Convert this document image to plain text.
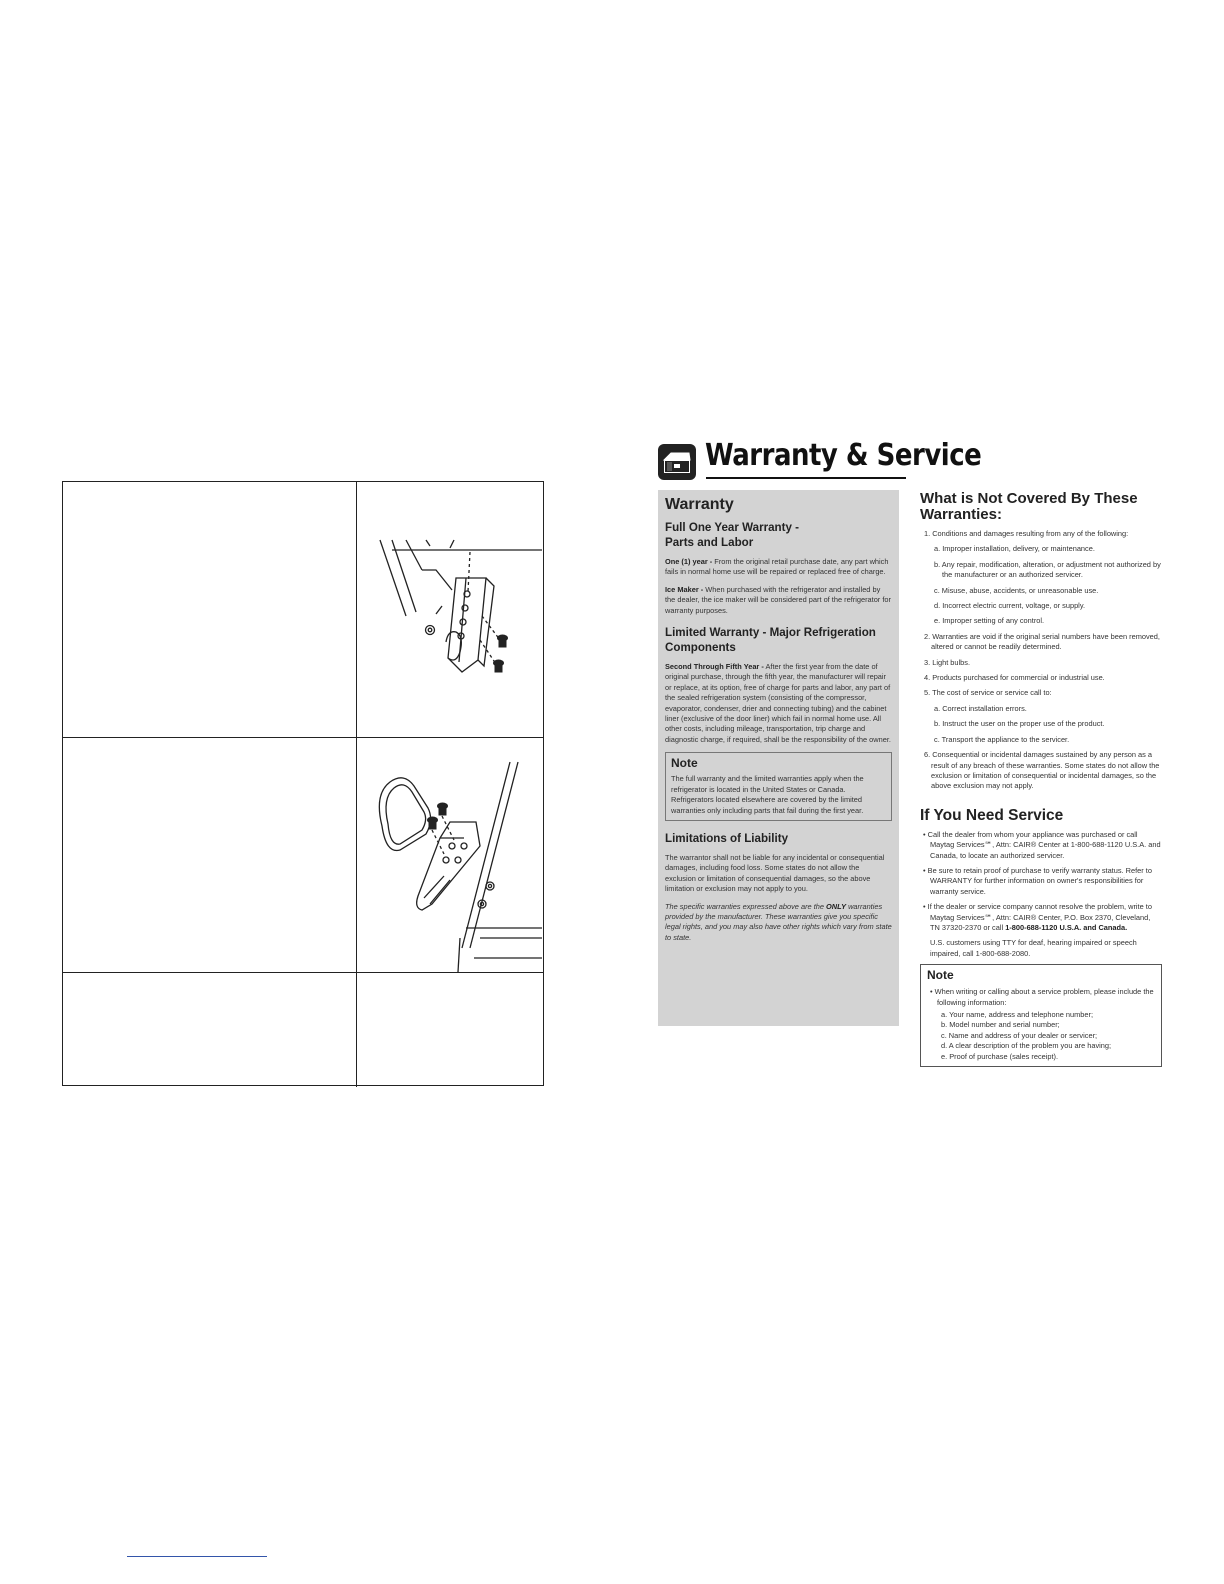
Warranty & Service
Warranty
Full One Year Warranty - Parts and Labor

One (1) year - From the original retail purchase date, any part which fails in normal home use will be repaired or replaced free of charge.

Ice Maker - When purchased with the refrigerator and installed by the dealer, the ice maker will be considered part of the refrigerator for warranty purposes.

Limited Warranty - Major Refrigeration Components

Second Through Fifth Year - After the first year from the date of original purchase, through the fifth year, the manufacturer will repair or replace, at its option, free of charge for parts and labor, any part of the sealed refrigeration system (consisting of the compressor, evaporator, condenser, drier and connecting tubing) and the cabinet liner (exclusive of the door liner) which fail in normal home use. All other costs, including mileage, transportation, trip charge and diagnostic charge, if required, shall be the responsibility of the owner.

Note
The full warranty and the limited warranties apply when the refrigerator is located in the United States or Canada. Refrigerators located elsewhere are covered by the limited warranties only including parts that fail during the first year.
Limitations of Liability

The warrantor shall not be liable for any incidental or consequential damages, including food loss. Some states do not allow the exclusion or limitation of consequential damages, so the above limitation or exclusion may not apply to you.

The specific warranties expressed above are the ONLY warranties provided by the manufacturer. These warranties give you specific legal rights, and you may also have other rights which vary from state to state.

What is Not Covered By These Warranties:
1. Conditions and damages resulting from any of the following:
a. Improper installation, delivery, or maintenance.
b. Any repair, modification, alteration, or adjustment not authorized by the manufacturer or an authorized servicer.
c. Misuse, abuse, accidents, or unreasonable use.
d. Incorrect electric current, voltage, or supply.
e. Improper setting of any control.
2. Warranties are void if the original serial numbers have been removed, altered or cannot be readily determined.
3. Light bulbs.
4. Products purchased for commercial or industrial use.
5. The cost of service or service call to:
a. Correct installation errors.
b. Instruct the user on the proper use of the product.
c. Transport the appliance to the servicer.
6. Consequential or incidental damages sustained by any person as a result of any breach of these warranties. Some states do not allow the exclusion or limitation of consequential or incidental damages, so the above exclusion may not apply.
If You Need Service
• Call the dealer from whom your appliance was purchased or call Maytag Services℠, Attn: CAIR® Center at 1-800-688-1120 U.S.A. and Canada, to locate an authorized servicer.
• Be sure to retain proof of purchase to verify warranty status. Refer to WARRANTY for further information on owner's responsibilities for warranty service.
• If the dealer or service company cannot resolve the problem, write to Maytag Services℠, Attn: CAIR® Center, P.O. Box 2370, Cleveland, TN 37320-2370 or call 1-800-688-1120 U.S.A. and Canada.
U.S. customers using TTY for deaf, hearing impaired or speech impaired, call 1-800-688-2080.
Note
• When writing or calling about a service problem, please include the following information:
a. Your name, address and telephone number;
b. Model number and serial number;
c. Name and address of your dealer or servicer;
d. A clear description of the problem you are having;
e. Proof of purchase (sales receipt).
